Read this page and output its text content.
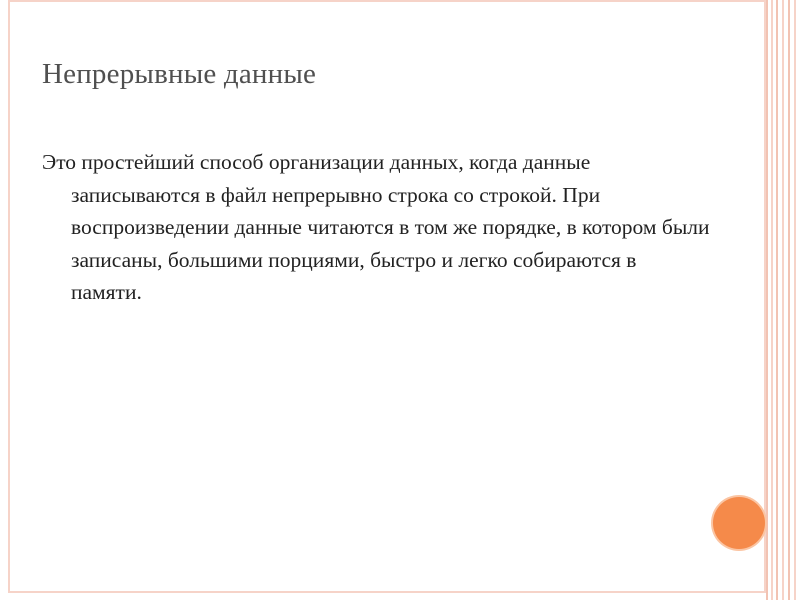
Непрерывные данные

Это простейший способ организации данных, когда данные записываются в файл непрерывно строка со строкой. При воспроизведении данные читаются в том же порядке, в котором были записаны, большими порциями, быстро и легко собираются в памяти.
